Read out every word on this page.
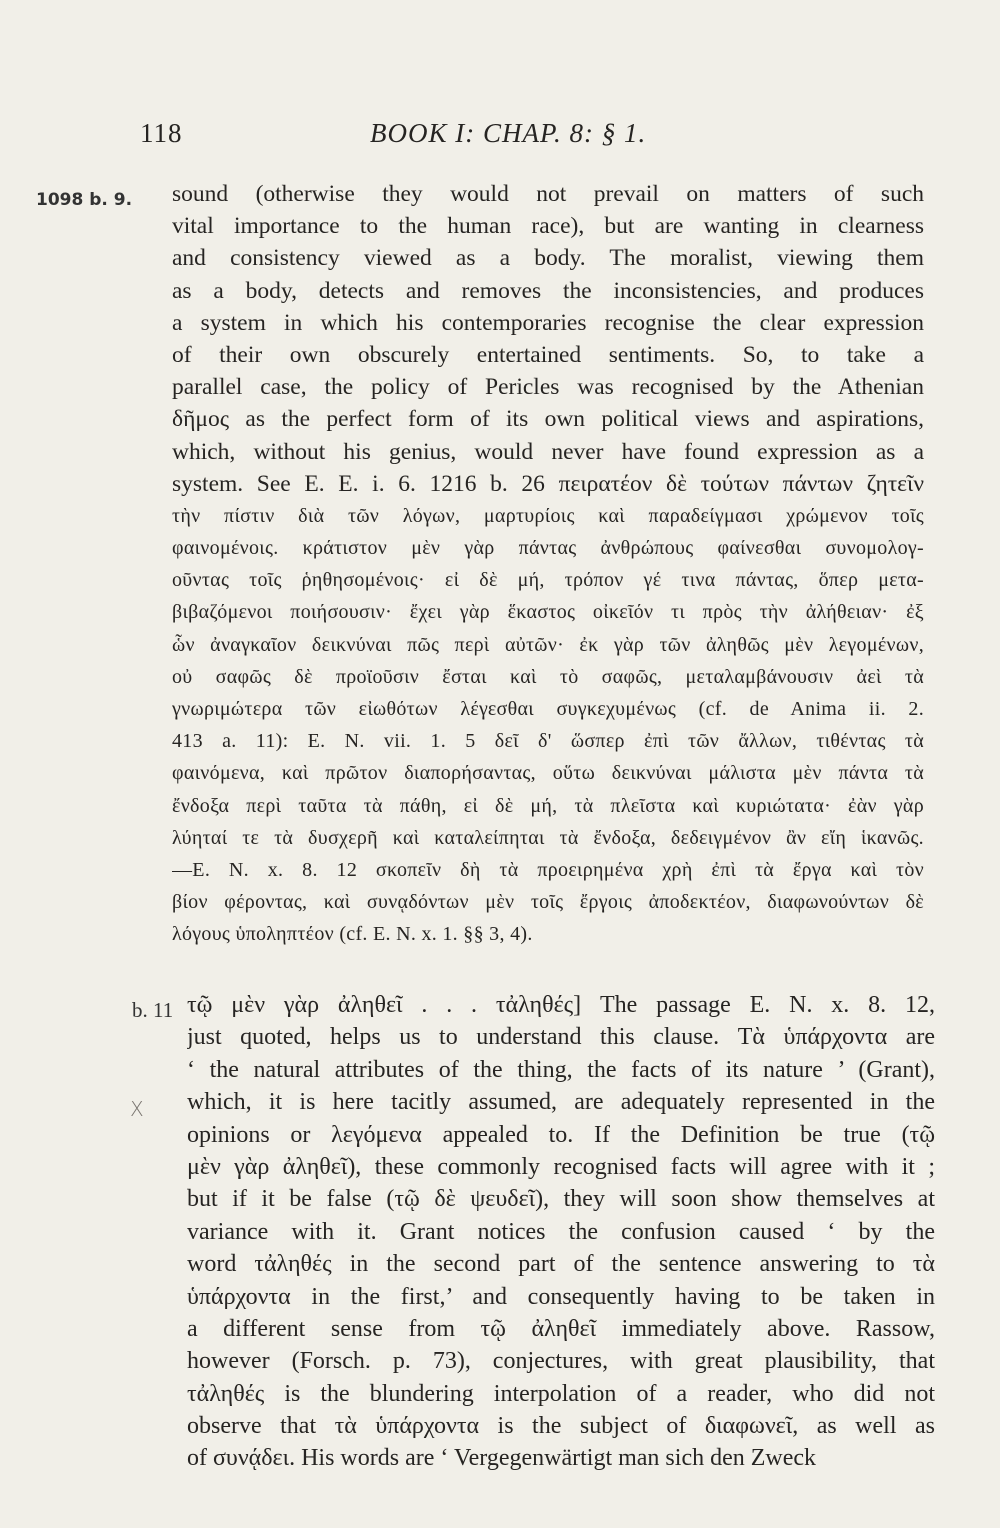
118	BOOK I: CHAP. 8: § 1.
1098 b. 9. sound (otherwise they would not prevail on matters of such
vital importance to the human race), but are wanting in clearness
and consistency viewed as a body. The moralist, viewing them
as a body, detects and removes the inconsistencies, and produces
a system in which his contemporaries recognise the clear expression
of their own obscurely entertained sentiments. So, to take a
parallel case, the policy of Pericles was recognised by the Athenian
δῆμος as the perfect form of its own political views and aspirations,
which, without his genius, would never have found expression as a
system. See E. E. i. 6. 1216 b. 26 πειρατέον δὲ τούτων πάντων ζητεῖν
τὴν πίστιν διὰ τῶν λόγων, μαρτυρίοις καὶ παραδείγμασι χρώμενον τοῖς
φαινομένοις. κράτιστον μὲν γὰρ πάντας ἀνθρώπους φαίνεσθαι συνομολογ-
οῦντας τοῖς ῥηθησομένοις· εἰ δὲ μή, τρόπον γέ τινα πάντας, ὅπερ μετα-
βιβαζόμενοι ποιήσουσιν· ἔχει γὰρ ἕκαστος οἰκεῖόν τι πρὸς τὴν ἀλήθειαν· ἐξ
ὧν ἀναγκαῖον δεικνύναι πῶς περὶ αὐτῶν· ἐκ γὰρ τῶν ἀληθῶς μὲν λεγομένων,
οὐ σαφῶς δὲ προϊοῦσιν ἔσται καὶ τὸ σαφῶς, μεταλαμβάνουσιν ἀεὶ τὰ
γνωριμώτερα τῶν εἰωθότων λέγεσθαι συγκεχυμένως (cf. de Anima ii. 2.
413 a. 11): E. N. vii. 1. 5 δεῖ δ' ὥσπερ ἐπὶ τῶν ἄλλων, τιθέντας τὰ
φαινόμενα, καὶ πρῶτον διαπορήσαντας, οὕτω δεικνύναι μάλιστα μὲν πάντα τὰ
ἔνδοξα περὶ ταῦτα τὰ πάθη, εἰ δὲ μή, τὰ πλεῖστα καὶ κυριώτατα· ἐὰν γὰρ
λύηταί τε τὰ δυσχερῆ καὶ καταλείπηται τὰ ἔνδοξα, δεδειγμένον ἂν εἴη ἱκανῶς.
—E. N. x. 8. 12 σκοπεῖν δὴ τὰ προειρημένα χρὴ ἐπὶ τὰ ἔργα καὶ τὸν
βίον φέροντας, καὶ συνᾳδόντων μὲν τοῖς ἔργοις ἀποδεκτέον, διαφωνούντων δὲ
λόγους ὑποληπτέον (cf. E. N. x. 1. §§ 3, 4).
b. 11
X
τῷ μὲν γὰρ ἀληθεῖ . . . τἀληθές] The passage E. N. x. 8. 12,
just quoted, helps us to understand this clause. Τὰ ὑπάρχοντα are
‘ the natural attributes of the thing, the facts of its nature ’ (Grant),
which, it is here tacitly assumed, are adequately represented in the
opinions or λεγόμενα appealed to. If the Definition be true (τῷ
μὲν γὰρ ἀληθεῖ), these commonly recognised facts will agree with it ;
but if it be false (τῷ δὲ ψευδεῖ), they will soon show themselves at
variance with it. Grant notices the confusion caused ‘ by the
word τἀληθές in the second part of the sentence answering to τὰ
ὑπάρχοντα in the first,’ and consequently having to be taken in
a different sense from τῷ ἀληθεῖ immediately above. Rassow,
however (Forsch. p. 73), conjectures, with great plausibility, that
τἀληθές is the blundering interpolation of a reader, who did not
observe that τὰ ὑπάρχοντα is the subject of διαφωνεῖ, as well as
of συνᾴδει. His words are ‘ Vergegenwärtigt man sich den Zweck
